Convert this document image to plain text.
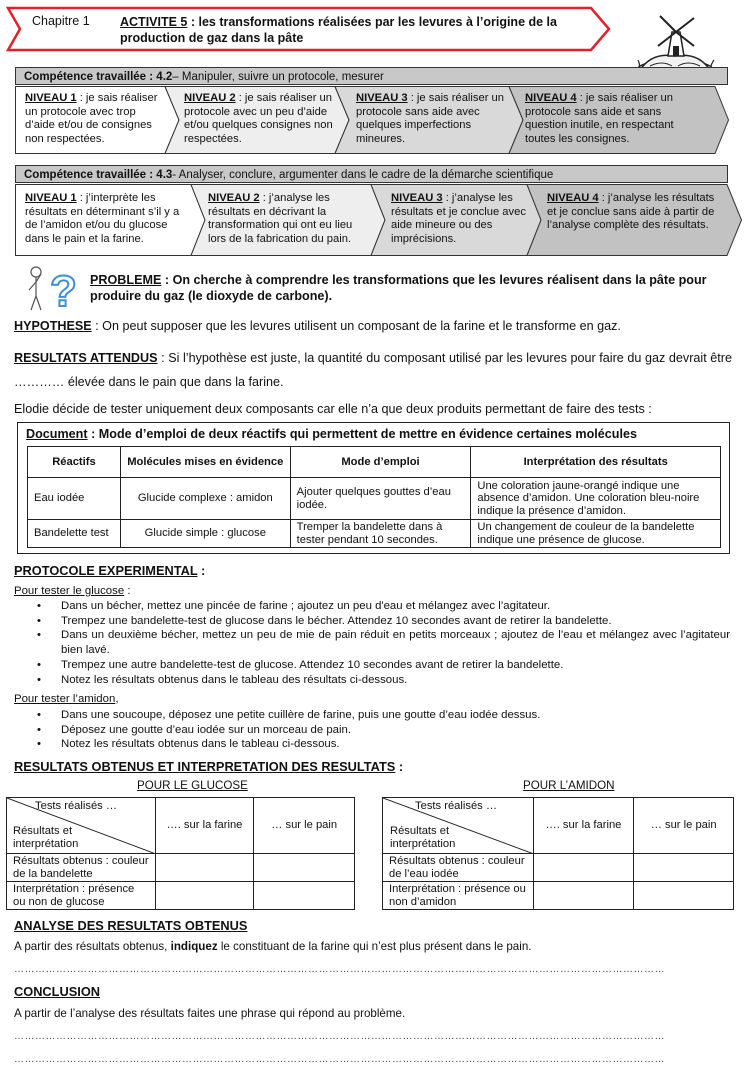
Chapitre 1 ACTIVITE 5 : les transformations réalisées par les levures à l’origine de la production de gaz dans la pâte
Compétence travaillée : 4.2– Manipuler, suivre un protocole, mesurer
NIVEAU 1 : je sais réaliser un protocole avec trop d’aide et/ou de consignes non respectées.
NIVEAU 2 : je sais réaliser un protocole avec un peu d’aide et/ou quelques consignes non respectées.
NIVEAU 3 : je sais réaliser un protocole sans aide avec quelques imperfections mineures.
NIVEAU 4 : je sais réaliser un protocole sans aide et sans question inutile, en respectant toutes les consignes.
Compétence travaillée : 4.3- Analyser, conclure, argumenter dans le cadre de la démarche scientifique
NIVEAU 1 : j’interprète les résultats en déterminant s’il y a de l’amidon et/ou du glucose dans le pain et la farine.
NIVEAU 2 : j’analyse les résultats en décrivant la transformation qui ont eu lieu lors de la fabrication du pain.
NIVEAU 3 : j’analyse les résultats et je conclue avec aide mineure ou des imprécisions.
NIVEAU 4 : j’analyse les résultats et je conclue sans aide à partir de l’analyse complète des résultats.
? PROBLEME : On cherche à comprendre les transformations que les levures réalisent dans la pâte pour produire du gaz (le dioxyde de carbone).
HYPOTHESE : On peut supposer que les levures utilisent un composant de la farine et le transforme en gaz.
RESULTATS ATTENDUS : Si l’hypothèse est juste, la quantité du composant utilisé par les levures pour faire du gaz devrait être ………… élevée dans le pain que dans la farine.
Elodie décide de tester uniquement deux composants car elle n’a que deux produits permettant de faire des tests :
Document : Mode d’emploi de deux réactifs qui permettent de mettre en évidence certaines molécules
Réactifs	Molécules mises en évidence	Mode d’emploi	Interprétation des résultats
Eau iodée	Glucide complexe : amidon	Ajouter quelques gouttes d’eau iodée.	Une coloration jaune-orangé indique une absence d’amidon. Une coloration bleu-noire indique la présence d’amidon.
Bandelette test	Glucide simple : glucose	Tremper la bandelette dans à tester pendant 10 secondes.	Un changement de couleur de la bandelette indique une présence de glucose.
PROTOCOLE EXPERIMENTAL :
Pour tester le glucose :
• Dans un bécher, mettez une pincée de farine ; ajoutez un peu d'eau et mélangez avec l’agitateur.
• Trempez une bandelette-test de glucose dans le bécher. Attendez 10 secondes avant de retirer la bandelette.
• Dans un deuxième bécher, mettez un peu de mie de pain réduit en petits morceaux ; ajoutez de l’eau et mélangez avec l’agitateur bien lavé.
• Trempez une autre bandelette-test de glucose. Attendez 10 secondes avant de retirer la bandelette.
• Notez les résultats obtenus dans le tableau des résultats ci-dessous.
Pour tester l’amidon,
• Dans une soucoupe, déposez une petite cuillère de farine, puis une goutte d’eau iodée dessus.
• Déposez une goutte d’eau iodée sur un morceau de pain.
• Notez les résultats obtenus dans le tableau ci-dessous.
RESULTATS OBTENUS ET INTERPRETATION DES RESULTATS :
POUR LE GLUCOSE	POUR L’AMIDON
Tests réalisés …
Résultats et interprétation	…. sur la farine	… sur le pain
Résultats obtenus : couleur de la bandelette		
Interprétation : présence ou non de glucose		
Tests réalisés …
Résultats et interprétation	…. sur la farine	… sur le pain
Résultats obtenus : couleur de l’eau iodée		
Interprétation : présence ou non d’amidon		
ANALYSE DES RESULTATS OBTENUS
A partir des résultats obtenus, indiquez le constituant de la farine qui n’est plus présent dans le pain.
……………………………………………………………………………………………………………………………………………………………………
CONCLUSION
A partir de l’analyse des résultats faites une phrase qui répond au problème.
……………………………………………………………………………………………………………………………………………………………………
……………………………………………………………………………………………………………………………………………………………………
